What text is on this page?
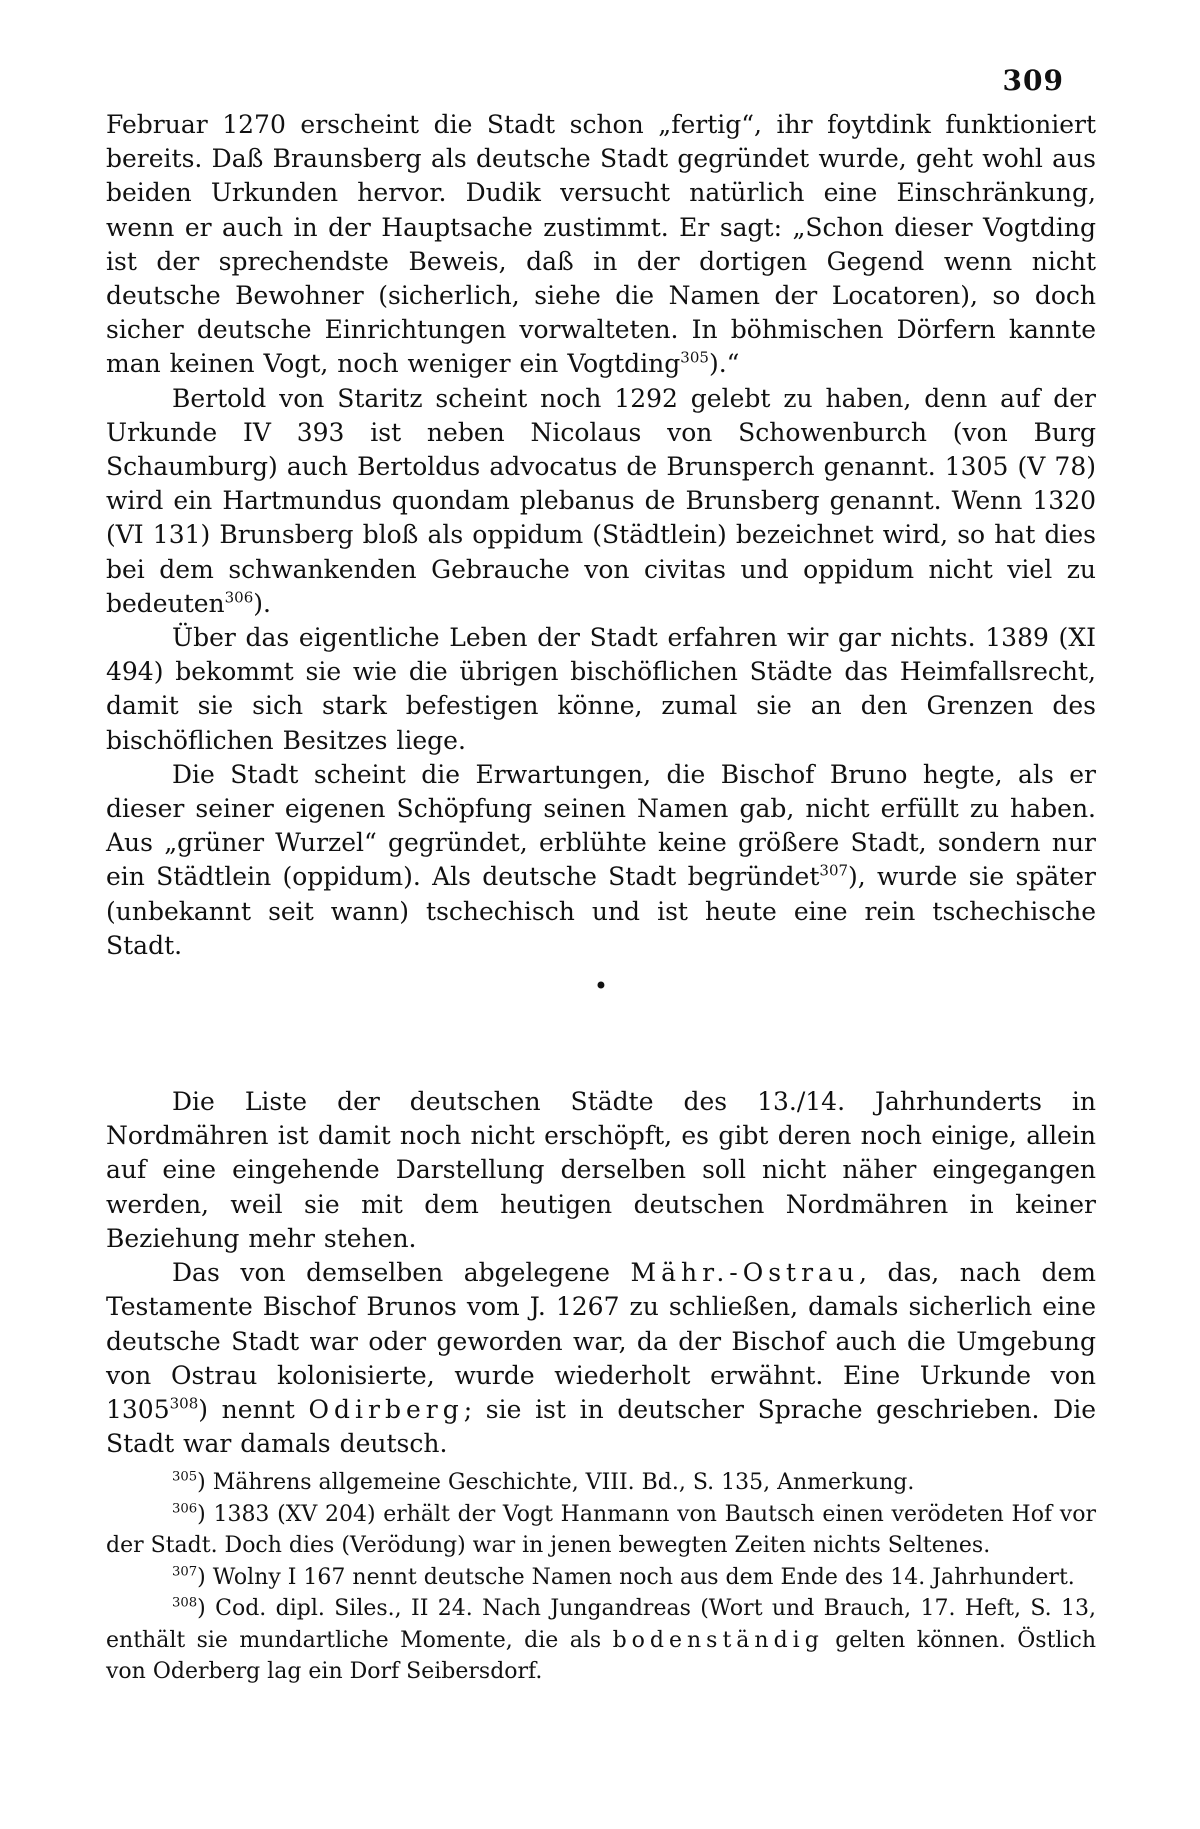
309

Februar 1270 erscheint die Stadt schon „fertig“, ihr foytdink funktioniert bereits. Daß Braunsberg als deutsche Stadt gegründet wurde, geht wohl aus beiden Urkunden hervor. Dudik versucht natürlich eine Einschränkung, wenn er auch in der Hauptsache zustimmt. Er sagt: „Schon dieser Vogtding ist der sprechendste Beweis, daß in der dortigen Gegend wenn nicht deutsche Bewohner (sicherlich, siehe die Namen der Locatoren), so doch sicher deutsche Einrichtungen vorwalteten. In böhmischen Dörfern kannte man keinen Vogt, noch weniger ein Vogtding$^{305}$).“

Bertold von Staritz scheint noch 1292 gelebt zu haben, denn auf der Urkunde IV 393 ist neben Nicolaus von Schowenburch (von Burg Schaumburg) auch Bertoldus advocatus de Brunsperch genannt. 1305 (V 78) wird ein Hartmundus quondam plebanus de Brunsberg genannt. Wenn 1320 (VI 131) Brunsberg bloß als oppidum (Städtlein) bezeichnet wird, so hat dies bei dem schwankenden Gebrauche von civitas und oppidum nicht viel zu bedeuten$^{306}$).

Über das eigentliche Leben der Stadt erfahren wir gar nichts. 1389 (XI 494) bekommt sie wie die übrigen bischöflichen Städte das Heimfallsrecht, damit sie sich stark befestigen könne, zumal sie an den Grenzen des bischöflichen Besitzes liege.

Die Stadt scheint die Erwartungen, die Bischof Bruno hegte, als er dieser seiner eigenen Schöpfung seinen Namen gab, nicht erfüllt zu haben. Aus „grüner Wurzel“ gegründet, erblühte keine größere Stadt, sondern nur ein Städtlein (oppidum). Als deutsche Stadt begründet$^{307}$), wurde sie später (unbekannt seit wann) tschechisch und ist heute eine rein tschechische Stadt.

•

Die Liste der deutschen Städte des 13./14. Jahrhunderts in Nordmähren ist damit noch nicht erschöpft, es gibt deren noch einige, allein auf eine eingehende Darstellung derselben soll nicht näher eingegangen werden, weil sie mit dem heutigen deutschen Nordmähren in keiner Beziehung mehr stehen.

Das von demselben abgelegene Mähr.-Ostrau, das, nach dem Testamente Bischof Brunos vom J. 1267 zu schließen, damals sicherlich eine deutsche Stadt war oder geworden war, da der Bischof auch die Umgebung von Ostrau kolonisierte, wurde wiederholt erwähnt. Eine Urkunde von 1305$^{308}$) nennt Odirberg; sie ist in deutscher Sprache geschrieben. Die Stadt war damals deutsch.

$^{305}$) Mährens allgemeine Geschichte, VIII. Bd., S. 135, Anmerkung.

$^{306}$) 1383 (XV 204) erhält der Vogt Hanmann von Bautsch einen verödeten Hof vor der Stadt. Doch dies (Verödung) war in jenen bewegten Zeiten nichts Seltenes.

$^{307}$) Wolny I 167 nennt deutsche Namen noch aus dem Ende des 14. Jahrhundert.

$^{308}$) Cod. dipl. Siles., II 24. Nach Jungandreas (Wort und Brauch, 17. Heft, S. 13, enthält sie mundartliche Momente, die als bodenständig gelten können. Östlich von Oderberg lag ein Dorf Seibersdorf.
